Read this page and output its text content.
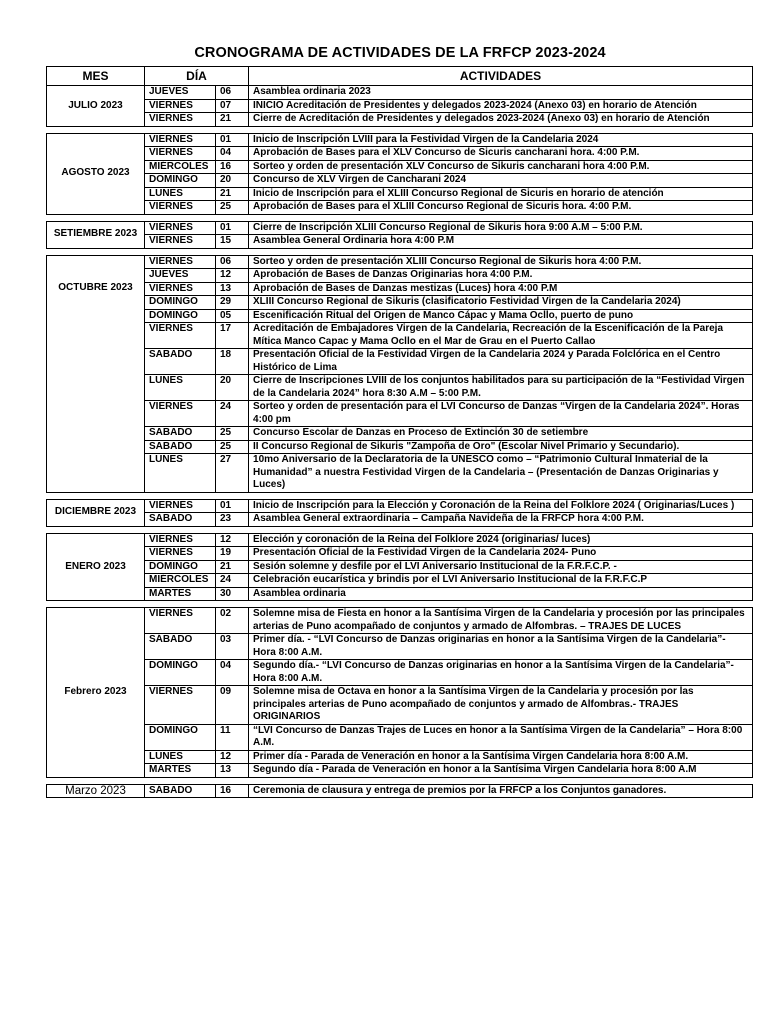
CRONOGRAMA DE ACTIVIDADES DE LA FRFCP 2023-2024
MES	DÍA		ACTIVIDADES
JULIO 2023	JUEVES	06	Asamblea ordinaria 2023
	VIERNES	07	INICIO Acreditación de Presidentes y delegados 2023-2024 (Anexo 03) en horario de Atención
	VIERNES	21	Cierre de Acreditación de Presidentes y delegados 2023-2024 (Anexo 03) en horario de Atención

AGOSTO 2023	VIERNES	01	Inicio de Inscripción LVIII para la Festividad Virgen de la Candelaria 2024
	VIERNES	04	Aprobación de Bases para el XLV Concurso de Sicuris cancharani hora. 4:00 P.M.
	MIÉRCOLES	16	Sorteo y orden de presentación XLV Concurso de Sikuris cancharani hora 4:00 P.M.
	DOMINGO	20	Concurso de XLV Virgen de Cancharani 2024
	LUNES	21	Inicio de Inscripción para el XLIII Concurso Regional de Sicuris en horario de atención
	VIERNES	25	Aprobación de Bases para el XLIII Concurso Regional de Sicuris hora. 4:00 P.M.

SETIEMBRE 2023	VIERNES	01	Cierre de Inscripción XLIII Concurso Regional de Sikuris hora 9:00 A.M – 5:00 P.M.
	VIERNES	15	Asamblea General Ordinaria hora 4:00 P.M

OCTUBRE 2023	VIERNES	06	Sorteo y orden de presentación XLIII Concurso Regional de Sikuris hora 4:00 P.M.
	JUEVES	12	Aprobación de Bases de Danzas Originarias hora 4:00 P.M.
	VIERNES	13	Aprobación de Bases de Danzas mestizas (Luces) hora 4:00 P.M
	DOMINGO	29	XLIII Concurso Regional de Sikuris (clasificatorio Festividad Virgen de la Candelaria 2024)
	DOMINGO	05	Escenificación Ritual del Origen de Manco Cápac y Mama Ocllo, puerto de puno
	VIERNES	17	Acreditación de Embajadores Virgen de la Candelaria, Recreación de la Escenificación de la Pareja Mítica Manco Capac y Mama Ocllo en el Mar de Grau en el Puerto Callao
	SABADO	18	Presentación Oficial de la Festividad Virgen de la Candelaria 2024 y Parada Folclórica en el Centro Histórico de Lima
	LUNES	20	Cierre de Inscripciones LVIII de los conjuntos habilitados para su participación de la “Festividad Virgen de la Candelaria 2024” hora 8:30 A.M – 5:00 P.M.
	VIERNES	24	Sorteo y orden de presentación para el LVI Concurso de Danzas “Virgen de la Candelaria 2024”. Horas 4:00 pm
	SABADO	25	Concurso Escolar de Danzas en Proceso de Extinción 30 de setiembre
	SABADO	25	II Concurso Regional de Sikuris "Zampoña de Oro" (Escolar Nivel Primario y Secundario).
	LUNES	27	10mo Aniversario de la Declaratoria de la UNESCO como – “Patrimonio Cultural Inmaterial de la Humanidad” a nuestra Festividad Virgen de la Candelaria – (Presentación de Danzas Originarias y Luces)

DICIEMBRE 2023	VIERNES	01	Inicio de Inscripción para la Elección y Coronación de la Reina del Folklore 2024 ( Originarias/Luces )
	SABADO	23	Asamblea General extraordinaria – Campaña Navideña de la FRFCP hora 4:00 P.M.

ENERO 2023	VIERNES	12	Elección y coronación de la Reina del Folklore 2024 (originarias/ luces)
	VIERNES	19	Presentación Oficial de la Festividad Virgen de la Candelaria 2024- Puno
	DOMINGO	21	Sesión solemne y desfile por el LVI Aniversario Institucional de la F.R.F.C.P. -
	MIÉRCOLES	24	Celebración eucarística y brindis por el LVI Aniversario Institucional de la F.R.F.C.P
	MARTES	30	Asamblea ordinaria

Febrero 2023	VIERNES	02	Solemne misa de Fiesta en honor a la Santísima Virgen de la Candelaria y procesión por las principales arterias de Puno acompañado de conjuntos y armado de Alfombras. – TRAJES DE LUCES
	SÁBADO	03	Primer día. - “LVI Concurso de Danzas originarias en honor a la Santísima Virgen de la Candelaria”- Hora 8:00 A.M.
	DOMINGO	04	Segundo día.- “LVI Concurso de Danzas originarias en honor a la Santísima Virgen de la Candelaria”- Hora 8:00 A.M.
	VIERNES	09	Solemne misa de Octava en honor a la Santísima Virgen de la Candelaria y procesión por las principales arterias de Puno acompañado de conjuntos y armado de Alfombras.- TRAJES ORIGINARIOS
	DOMINGO	11	“LVI Concurso de Danzas Trajes de Luces en honor a la Santísima Virgen de la Candelaria” – Hora 8:00 A.M.
	LUNES	12	Primer día - Parada de Veneración en honor a la Santísima Virgen Candelaria hora 8:00 A.M.
	MARTES	13	Segundo día - Parada de Veneración en honor a la Santísima Virgen Candelaria hora 8:00 A.M

Marzo 2023	SÁBADO	16	Ceremonia de clausura y entrega de premios por la FRFCP a los Conjuntos ganadores.
